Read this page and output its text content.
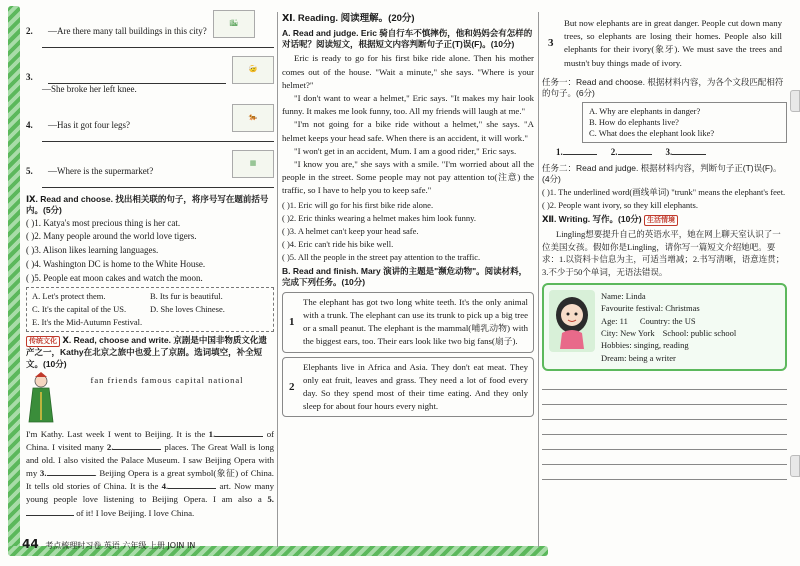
2.	—Are there many tall buildings in this city?
🏙
3.
🤕
—She broke her left knee.
4.	—Has it got four legs?
🐅
5.	—Where is the supermarket?
▦
Ⅸ. Read and choose. 找出相关联的句子，将序号写在题前括号内。(5分)
( )1. Katya's most precious thing is her cat.
( )2. Many people around the world love tigers.
( )3. Alison likes learning languages.
( )4. Washington DC is home to the White House.
( )5. People eat moon cakes and watch the moon.
A. Let's protect them.	B. Its fur is beautiful.
C. It's the capital of the US.	D. She loves Chinese.
E. It's the Mid-Autumn Festival.
传统文化 Ⅹ. Read, choose and write. 京剧是中国非物质文化遗产之一，Kathy在北京之旅中也爱上了京剧。选词填空，补全短文。(10分)
fan friends famous capital national
I'm Kathy. Last week I went to Beijing. It is the 1.	of China. I visited many 2.	places. The Great Wall is long and old. I also visited the Palace Museum. I saw Beijing Opera with my 3.	. Beijing Opera is a great symbol(象征) of China. It tells old stories of China. It is the 4.	art. Now many young people love listening to Beijing Opera. I am also a 5. of it! I love Beijing. I love China.
44 考点梳理时习卷 英语 六年级 上册 JOIN IN
Ⅺ. Reading. 阅读理解。(20分)
A. Read and judge. Eric 骑自行车不慎摔伤，他和妈妈会有怎样的对话呢？阅读短文，根据短文内容判断句子正(T)误(F)。(10分)

Eric is ready to go for his first bike ride alone. Then his mother comes out of the house. "Wait a minute," she says. "Where is your helmet?"

"I don't want to wear a helmet," Eric says. "It makes my hair look funny. It makes me look funny, too. All my friends will laugh at me."

"I'm not going for a bike ride without a helmet," she says. "A helmet keeps your head safe. When there is an accident, it will work."

"I won't get in an accident, Mum. I am a good rider," Eric says.

"I know you are," she says with a smile. "I'm worried about all the people in the street. Some people may not pay attention to(注意) the traffic, so I have to help you to keep safe."

( )1. Eric will go for his first bike ride alone.
( )2. Eric thinks wearing a helmet makes him look funny.
( )3. A helmet can't keep your head safe.
( )4. Eric can't ride his bike well.
( )5. All the people in the street pay attention to the traffic.
B. Read and finish. Mary 演讲的主题是"濒危动物"。阅读材料，完成下列任务。(10分)
1
The elephant has got two long white teeth. It's the only animal with a trunk. The elephant can use its trunk to pick up a big tree or a small peanut. The elephant is the mammal(哺乳动物) with the biggest ears, too. Their ears look like two big fans(扇子).
2
Elephants live in Africa and Asia. They don't eat meat. They only eat fruit, leaves and grass. They need a lot of food every day. So they spend most of their time eating. And they only sleep for about four hours every night.
3
But now elephants are in great danger. People cut down many trees, so elephants are losing their homes. People also kill elephants for their ivory(象牙). We must save the trees and mustn't buy things made of ivory.
任务一：Read and choose. 根据材料内容，为各个文段匹配相符的句子。(6分)
A. Why are elephants in danger?
B. How do elephants live?
C. What does the elephant look like?
1.	2.	3.
任务二：Read and judge. 根据材料内容，判断句子正(T)误(F)。(4分)
( )1. The underlined word(画线单词) "trunk" means the elephant's feet.
( )2. People want ivory, so they kill elephants.
Ⅻ. Writing. 写作。(10分) 生活情境
Lingling想要提升自己的英语水平，她在网上聊天室认识了一位美国女孩。假如你是Lingling，请你写一篇短文介绍她吧。要求：1.以资料卡信息为主，可适当增减；2.书写清晰，语意连贯；3.不少于50个单词，无语法错误。
Name: Linda
Favourite festival: Christmas
Age: 11 Country: the US
City: New York School: public school
Hobbies: singing, reading
Dream: being a writer
